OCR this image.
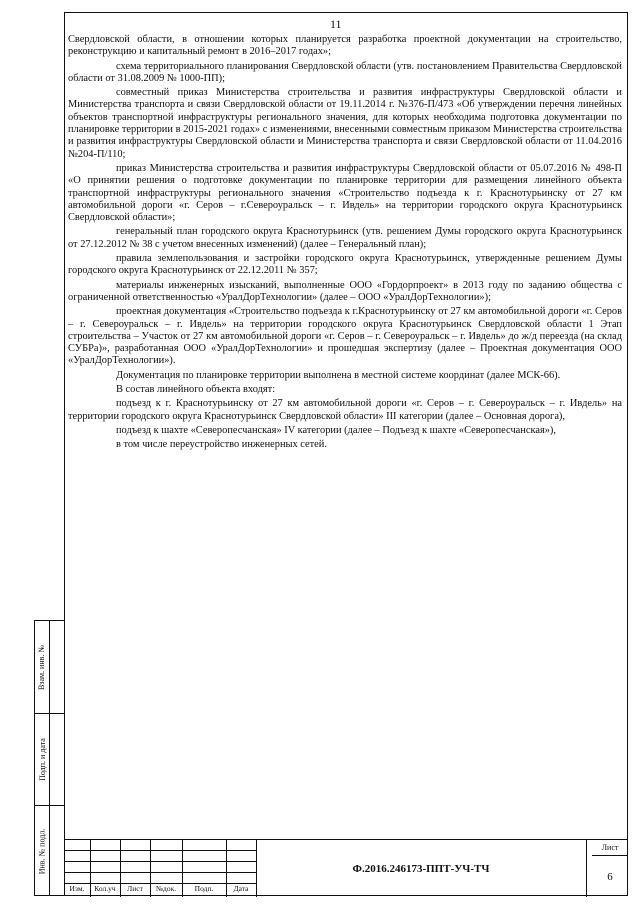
Взам. инв. №
Подп. и дата
Инв. № подл.
11

Свердловской области, в отношении которых планируется разработка проектной документации на строительство, реконструкцию и капитальный ремонт в 2016–2017 годах»;

схема территориального планирования Свердловской области (утв. постановлением Правительства Свердловской области от 31.08.2009 № 1000-ПП);

совместный приказ Министерства строительства и развития инфраструктуры Свердловской области и Министерства транспорта и связи Свердловской области от 19.11.2014 г. №376-П/473 «Об утверждении перечня линейных объектов транспортной инфраструктуры регионального значения, для которых необходима подготовка документации по планировке территории в 2015-2021 годах» с изменениями, внесенными совместным приказом Министерства строительства и развития инфраструктуры Свердловской области и Министерства транспорта и связи Свердловской области от 11.04.2016 №204-П/110;

приказ Министерства строительства и развития инфраструктуры Свердловской области от 05.07.2016 № 498-П «О принятии решения о подготовке документации по планировке территории для размещения линейного объекта транспортной инфраструктуры регионального значения «Строительство подъезда к г. Краснотурьинску от 27 км автомобильной дороги «г. Серов – г.Североуральск – г. Ивдель» на территории городского округа Краснотурьинск Свердловской области»;

генеральный план городского округа Краснотурьинск (утв. решением Думы городского округа Краснотурьинск от 27.12.2012 № 38 с учетом внесенных изменений) (далее – Генеральный план);

правила землепользования и застройки городского округа Краснотурьинск, утвержденные решением Думы городского округа Краснотурьинск от 22.12.2011 № 357;

материалы инженерных изысканий, выполненные ООО «Гордорпроект» в 2013 году по заданию общества с ограниченной ответственностью «УралДорТехнологии» (далее – ООО «УралДорТехнологии»);

проектная документация «Строительство подъезда к г.Краснотурьинску от 27 км автомобильной дороги «г. Серов – г. Североуральск – г. Ивдель» на территории городского округа Краснотурьинск Свердловской области 1 Этап строительства – Участок от 27 км автомобильной дороги «г. Серов – г. Североуральск – г. Ивдель» до ж/д переезда (на склад СУБРа)», разработанная ООО «УралДорТехнологии» и прошедшая экспертизу (далее – Проектная документация ООО «УралДорТехнологии»).

Документация по планировке территории выполнена в местной системе координат (далее МСК-66).

В состав линейного объекта входят:

подъезд к г. Краснотурьинску от 27 км автомобильной дороги «г. Серов – г. Североуральск – г. Ивдель» на территории городского округа Краснотурьинск Свердловской области» III категории (далее – Основная дорога),

подъезд к шахте «Северопесчанская» IV категории (далее – Подъезд к шахте «Северопесчанская»),

в том числе переустройство инженерных сетей.

Изм.	Кол.уч	Лист	№док.	Подп.	Дата
Ф.2016.246173-ППТ-УЧ-ТЧ
Лист
6
